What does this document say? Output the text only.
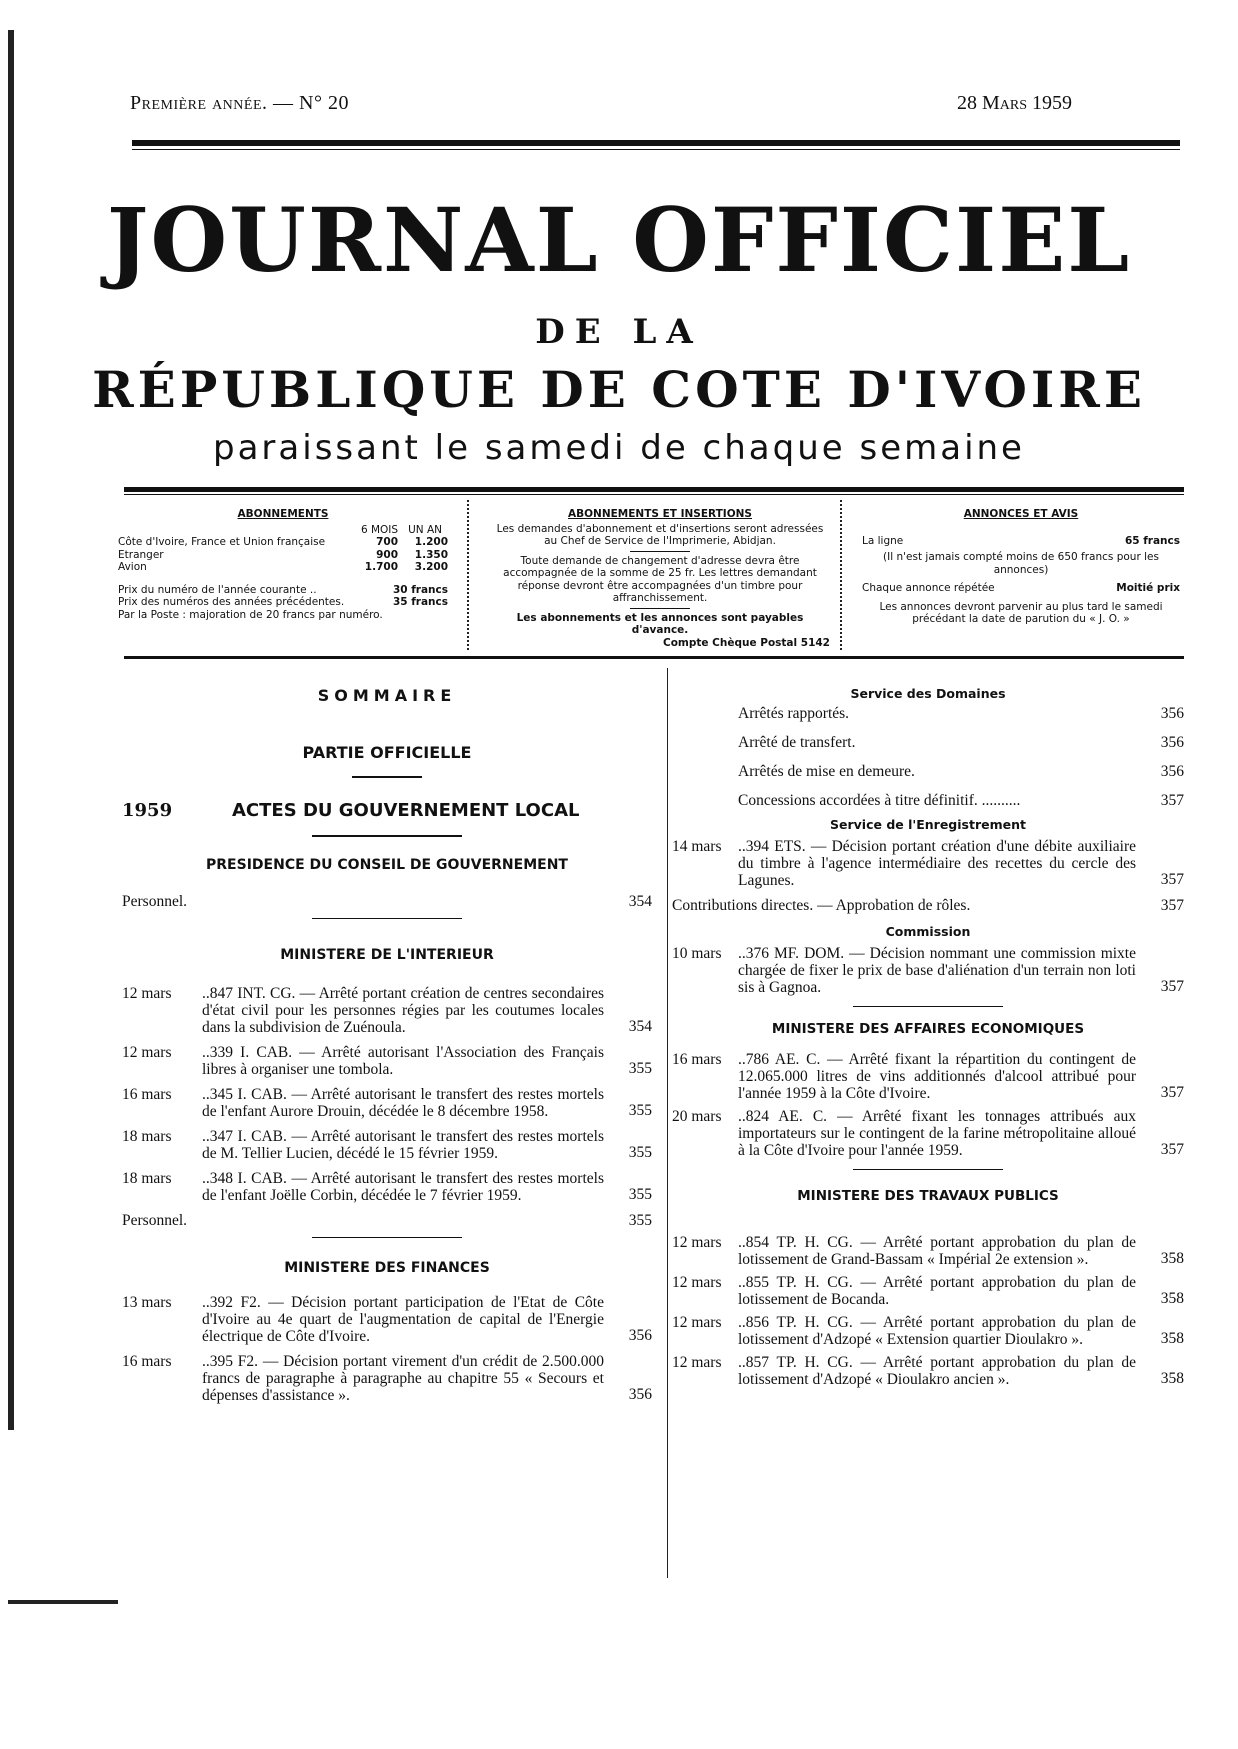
Première année. — N° 20	28 Mars 1959
JOURNAL OFFICIEL
DE LA
RÉPUBLIQUE DE COTE D'IVOIRE
paraissant le samedi de chaque semaine
ABONNEMENTS
6 MOIS UN AN
Côte d'Ivoire, France et Union française	700	1.200
Etranger	900	1.350
Avion	1.700	3.200
Prix du numéro de l'année courante ..	30 francs
Prix des numéros des années précédentes.	35 francs
Par la Poste : majoration de 20 francs par numéro.
ABONNEMENTS ET INSERTIONS
Les demandes d'abonnement et d'insertions seront adressées au Chef de Service de l'Imprimerie, Abidjan.
Toute demande de changement d'adresse devra être accompagnée de la somme de 25 fr. Les lettres demandant réponse devront être accompagnées d'un timbre pour affranchissement.
Les abonnements et les annonces sont payables d'avance.
Compte Chèque Postal 5142
ANNONCES ET AVIS
La ligne	65 francs
(Il n'est jamais compté moins de 650 francs pour les annonces)
Chaque annonce répétée	Moitié prix
Les annonces devront parvenir au plus tard le samedi précédant la date de parution du « J. O. »
SOMMAIRE
PARTIE OFFICIELLE
1959	ACTES DU GOUVERNEMENT LOCAL
PRESIDENCE DU CONSEIL DE GOUVERNEMENT
Personnel.	354
MINISTERE DE L'INTERIEUR
12 mars	..847 INT. CG. — Arrêté portant création de centres secondaires d'état civil pour les personnes régies par les coutumes locales dans la subdivision de Zuénoula.	354
12 mars	..339 I. CAB. — Arrêté autorisant l'Association des Français libres à organiser une tombola.	355
16 mars	..345 I. CAB. — Arrêté autorisant le transfert des restes mortels de l'enfant Aurore Drouin, décédée le 8 décembre 1958.	355
18 mars	..347 I. CAB. — Arrêté autorisant le transfert des restes mortels de M. Tellier Lucien, décédé le 15 février 1959.	355
18 mars	..348 I. CAB. — Arrêté autorisant le transfert des restes mortels de l'enfant Joëlle Corbin, décédée le 7 février 1959.	355
Personnel.	355
MINISTERE DES FINANCES
13 mars	..392 F2. — Décision portant participation de l'Etat de Côte d'Ivoire au 4e quart de l'augmentation de capital de l'Energie électrique de Côte d'Ivoire.	356
16 mars	..395 F2. — Décision portant virement d'un crédit de 2.500.000 francs de paragraphe à paragraphe au chapitre 55 « Secours et dépenses d'assistance ».	356
Service des Domaines
Arrêtés rapportés.	356
Arrêté de transfert.	356
Arrêtés de mise en demeure.	356
Concessions accordées à titre définitif. ..........	357
Service de l'Enregistrement
14 mars	..394 ETS. — Décision portant création d'une débite auxiliaire du timbre à l'agence intermédiaire des recettes du cercle des Lagunes.	357
Contributions directes. — Approbation de rôles.	357
Commission
10 mars	..376 MF. DOM. — Décision nommant une commission mixte chargée de fixer le prix de base d'aliénation d'un terrain non loti sis à Gagnoa.	357
MINISTERE DES AFFAIRES ECONOMIQUES
16 mars	..786 AE. C. — Arrêté fixant la répartition du contingent de 12.065.000 litres de vins additionnés d'alcool attribué pour l'année 1959 à la Côte d'Ivoire.	357
20 mars	..824 AE. C. — Arrêté fixant les tonnages attribués aux importateurs sur le contingent de la farine métropolitaine alloué à la Côte d'Ivoire pour l'année 1959.	357
MINISTERE DES TRAVAUX PUBLICS
12 mars	..854 TP. H. CG. — Arrêté portant approbation du plan de lotissement de Grand-Bassam « Impérial 2e extension ».	358
12 mars	..855 TP. H. CG. — Arrêté portant approbation du plan de lotissement de Bocanda.	358
12 mars	..856 TP. H. CG. — Arrêté portant approbation du plan de lotissement d'Adzopé « Extension quartier Dioulakro ».	358
12 mars	..857 TP. H. CG. — Arrêté portant approbation du plan de lotissement d'Adzopé « Dioulakro ancien ».	358
